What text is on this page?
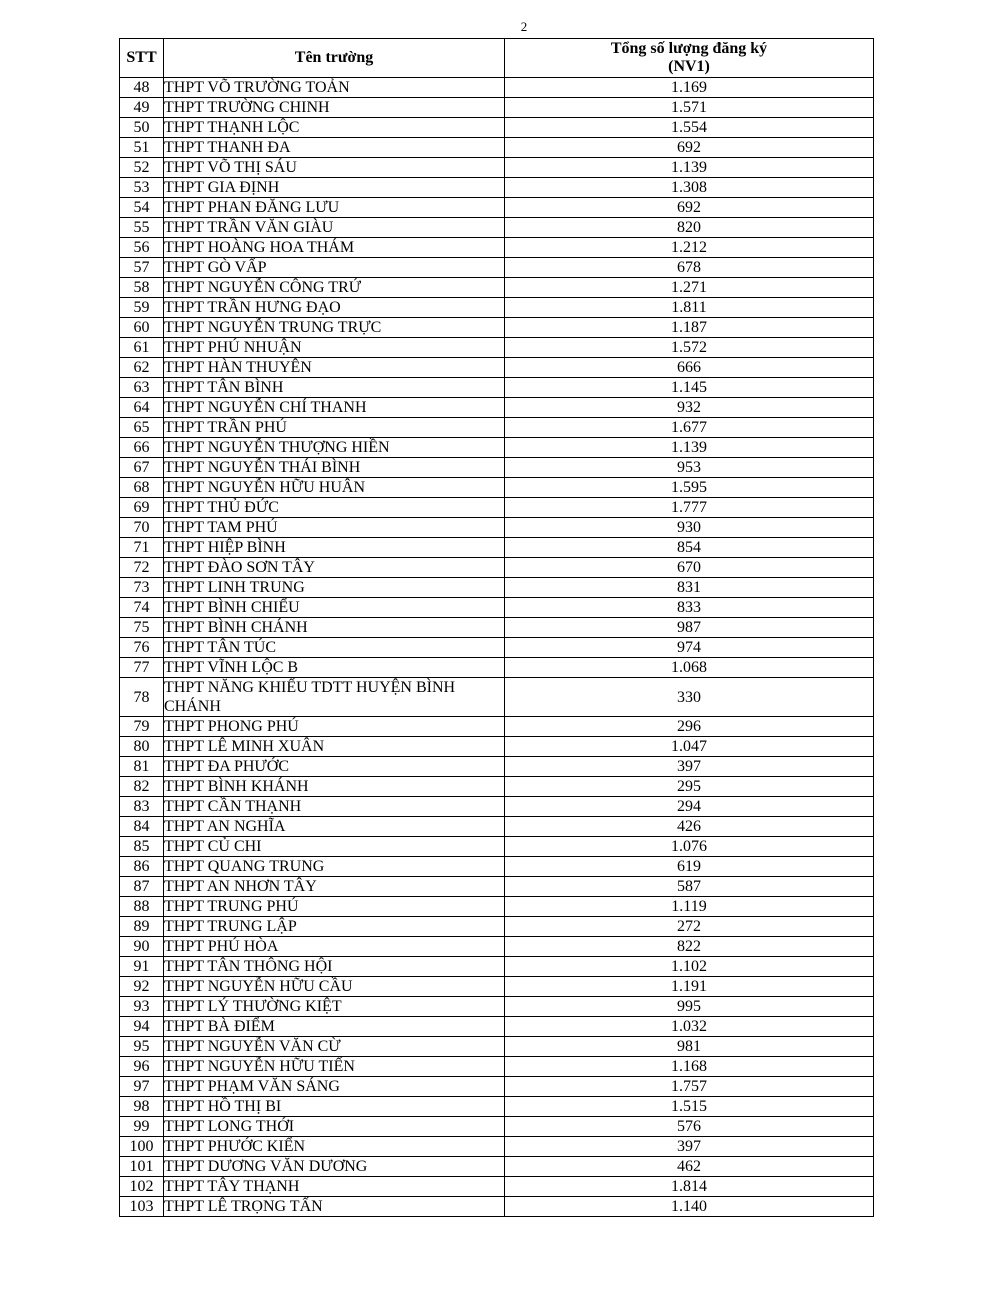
2
STT	Tên trường	Tổng số lượng đăng ký
(NV1)
48	THPT VÕ TRƯỜNG TOẢN	1.169
49	THPT TRƯỜNG CHINH	1.571
50	THPT THẠNH LỘC	1.554
51	THPT THANH ĐA	692
52	THPT VÕ THỊ SÁU	1.139
53	THPT GIA ĐỊNH	1.308
54	THPT PHAN ĐĂNG LƯU	692
55	THPT TRẦN VĂN GIÀU	820
56	THPT HOÀNG HOA THÁM	1.212
57	THPT GÒ VẤP	678
58	THPT NGUYỄN CÔNG TRỨ	1.271
59	THPT TRẦN HƯNG ĐẠO	1.811
60	THPT NGUYỄN TRUNG TRỰC	1.187
61	THPT PHÚ NHUẬN	1.572
62	THPT HÀN THUYÊN	666
63	THPT TÂN BÌNH	1.145
64	THPT NGUYỄN CHÍ THANH	932
65	THPT TRẦN PHÚ	1.677
66	THPT NGUYỄN THƯỢNG HIỀN	1.139
67	THPT NGUYỄN THÁI BÌNH	953
68	THPT NGUYỄN HỮU HUÂN	1.595
69	THPT THỦ ĐỨC	1.777
70	THPT TAM PHÚ	930
71	THPT HIỆP BÌNH	854
72	THPT ĐÀO SƠN TÂY	670
73	THPT LINH TRUNG	831
74	THPT BÌNH CHIỂU	833
75	THPT BÌNH CHÁNH	987
76	THPT TÂN TÚC	974
77	THPT VĨNH LỘC B	1.068
78	THPT NĂNG KHIẾU TDTT HUYỆN BÌNH CHÁNH	330
79	THPT PHONG PHÚ	296
80	THPT LÊ MINH XUÂN	1.047
81	THPT ĐA PHƯỚC	397
82	THPT BÌNH KHÁNH	295
83	THPT CẦN THẠNH	294
84	THPT AN NGHĨA	426
85	THPT CỦ CHI	1.076
86	THPT QUANG TRUNG	619
87	THPT AN NHƠN TÂY	587
88	THPT TRUNG PHÚ	1.119
89	THPT TRUNG LẬP	272
90	THPT PHÚ HÒA	822
91	THPT TÂN THÔNG HỘI	1.102
92	THPT NGUYỄN HỮU CẦU	1.191
93	THPT LÝ THƯỜNG KIỆT	995
94	THPT BÀ ĐIỂM	1.032
95	THPT NGUYỄN VĂN CỪ	981
96	THPT NGUYỄN HỮU TIẾN	1.168
97	THPT PHẠM VĂN SÁNG	1.757
98	THPT HỒ THỊ BI	1.515
99	THPT LONG THỚI	576
100	THPT PHƯỚC KIỂN	397
101	THPT DƯƠNG VĂN DƯƠNG	462
102	THPT TÂY THẠNH	1.814
103	THPT LÊ TRỌNG TẤN	1.140
